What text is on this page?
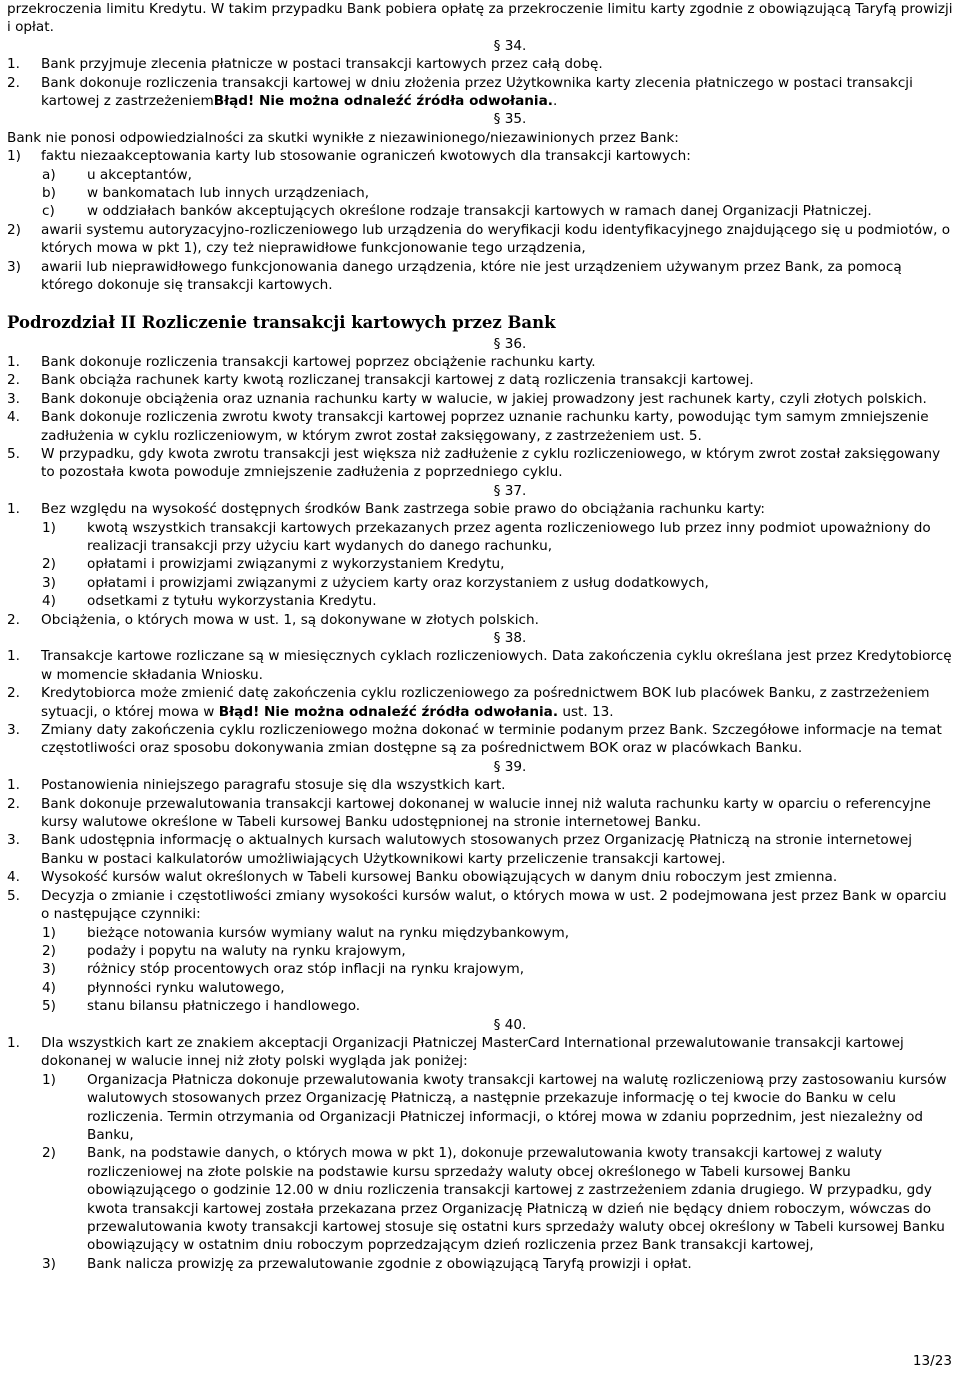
przekroczenia limitu Kredytu. W takim przypadku Bank pobiera opłatę za przekroczenie limitu karty zgodnie z obowiązującą Taryfą prowizji i opłat.

§ 34.

1. Bank przyjmuje zlecenia płatnicze w postaci transakcji kartowych przez całą dobę.

2. Bank dokonuje rozliczenia transakcji kartowej w dniu złożenia przez Użytkownika karty zlecenia płatniczego w postaci transakcji kartowej z zastrzeżeniemBłąd! Nie można odnaleźć źródła odwołania..

§ 35.

Bank nie ponosi odpowiedzialności za skutki wynikłe z niezawinionego/niezawinionych przez Bank:

1) faktu niezaakceptowania karty lub stosowanie ograniczeń kwotowych dla transakcji kartowych:

a) u akceptantów,

b) w bankomatach lub innych urządzeniach,

c) w oddziałach banków akceptujących określone rodzaje transakcji kartowych w ramach danej Organizacji Płatniczej.

2) awarii systemu autoryzacyjno-rozliczeniowego lub urządzenia do weryfikacji kodu identyfikacyjnego znajdującego się u podmiotów, o których mowa w pkt 1), czy też nieprawidłowe funkcjonowanie tego urządzenia,

3) awarii lub nieprawidłowego funkcjonowania danego urządzenia, które nie jest urządzeniem używanym przez Bank, za pomocą którego dokonuje się transakcji kartowych.

Podrozdział II Rozliczenie transakcji kartowych przez Bank

§ 36.

1. Bank dokonuje rozliczenia transakcji kartowej poprzez obciążenie rachunku karty.

2. Bank obciąża rachunek karty kwotą rozliczanej transakcji kartowej z datą rozliczenia transakcji kartowej.

3. Bank dokonuje obciążenia oraz uznania rachunku karty w walucie, w jakiej prowadzony jest rachunek karty, czyli złotych polskich.

4. Bank dokonuje rozliczenia zwrotu kwoty transakcji kartowej poprzez uznanie rachunku karty, powodując tym samym zmniejszenie zadłużenia w cyklu rozliczeniowym, w którym zwrot został zaksięgowany, z zastrzeżeniem ust. 5.

5. W przypadku, gdy kwota zwrotu transakcji jest większa niż zadłużenie z cyklu rozliczeniowego, w którym zwrot został zaksięgowany to pozostała kwota powoduje zmniejszenie zadłużenia z poprzedniego cyklu.

§ 37.

1. Bez względu na wysokość dostępnych środków Bank zastrzega sobie prawo do obciążania rachunku karty:

1) kwotą wszystkich transakcji kartowych przekazanych przez agenta rozliczeniowego lub przez inny podmiot upoważniony do realizacji transakcji przy użyciu kart wydanych do danego rachunku,

2) opłatami i prowizjami związanymi z wykorzystaniem Kredytu,

3) opłatami i prowizjami związanymi z użyciem karty oraz korzystaniem z usług dodatkowych,

4) odsetkami z tytułu wykorzystania Kredytu.

2. Obciążenia, o których mowa w ust. 1, są dokonywane w złotych polskich.

§ 38.

1. Transakcje kartowe rozliczane są w miesięcznych cyklach rozliczeniowych. Data zakończenia cyklu określana jest przez Kredytobiorcę w momencie składania Wniosku.

2. Kredytobiorca może zmienić datę zakończenia cyklu rozliczeniowego za pośrednictwem BOK lub placówek Banku, z zastrzeżeniem sytuacji, o której mowa w Błąd! Nie można odnaleźć źródła odwołania. ust. 13.

3. Zmiany daty zakończenia cyklu rozliczeniowego można dokonać w terminie podanym przez Bank. Szczegółowe informacje na temat częstotliwości oraz sposobu dokonywania zmian dostępne są za pośrednictwem BOK oraz w placówkach Banku.

§ 39.

1. Postanowienia niniejszego paragrafu stosuje się dla wszystkich kart.

2. Bank dokonuje przewalutowania transakcji kartowej dokonanej w walucie innej niż waluta rachunku karty w oparciu o referencyjne kursy walutowe określone w Tabeli kursowej Banku udostępnionej na stronie internetowej Banku.

3. Bank udostępnia informację o aktualnych kursach walutowych stosowanych przez Organizację Płatniczą na stronie internetowej Banku w postaci kalkulatorów umożliwiających Użytkownikowi karty przeliczenie transakcji kartowej.

4. Wysokość kursów walut określonych w Tabeli kursowej Banku obowiązujących w danym dniu roboczym jest zmienna.

5. Decyzja o zmianie i częstotliwości zmiany wysokości kursów walut, o których mowa w ust. 2 podejmowana jest przez Bank w oparciu o następujące czynniki:

1) bieżące notowania kursów wymiany walut na rynku międzybankowym,

2) podaży i popytu na waluty na rynku krajowym,

3) różnicy stóp procentowych oraz stóp inflacji na rynku krajowym,

4) płynności rynku walutowego,

5) stanu bilansu płatniczego i handlowego.

§ 40.

1. Dla wszystkich kart ze znakiem akceptacji Organizacji Płatniczej MasterCard International przewalutowanie transakcji kartowej dokonanej w walucie innej niż złoty polski wygląda jak poniżej:

1) Organizacja Płatnicza dokonuje przewalutowania kwoty transakcji kartowej na walutę rozliczeniową przy zastosowaniu kursów walutowych stosowanych przez Organizację Płatniczą, a następnie przekazuje informację o tej kwocie do Banku w celu rozliczenia. Termin otrzymania od Organizacji Płatniczej informacji, o której mowa w zdaniu poprzednim, jest niezależny od Banku,

2) Bank, na podstawie danych, o których mowa w pkt 1), dokonuje przewalutowania kwoty transakcji kartowej z waluty rozliczeniowej na złote polskie na podstawie kursu sprzedaży waluty obcej określonego w Tabeli kursowej Banku obowiązującego o godzinie 12.00 w dniu rozliczenia transakcji kartowej z zastrzeżeniem zdania drugiego. W przypadku, gdy kwota transakcji kartowej została przekazana przez Organizację Płatniczą w dzień nie będący dniem roboczym, wówczas do przewalutowania kwoty transakcji kartowej stosuje się ostatni kurs sprzedaży waluty obcej określony w Tabeli kursowej Banku obowiązujący w ostatnim dniu roboczym poprzedzającym dzień rozliczenia przez Bank transakcji kartowej,

3) Bank nalicza prowizję za przewalutowanie zgodnie z obowiązującą Taryfą prowizji i opłat.

13/23
